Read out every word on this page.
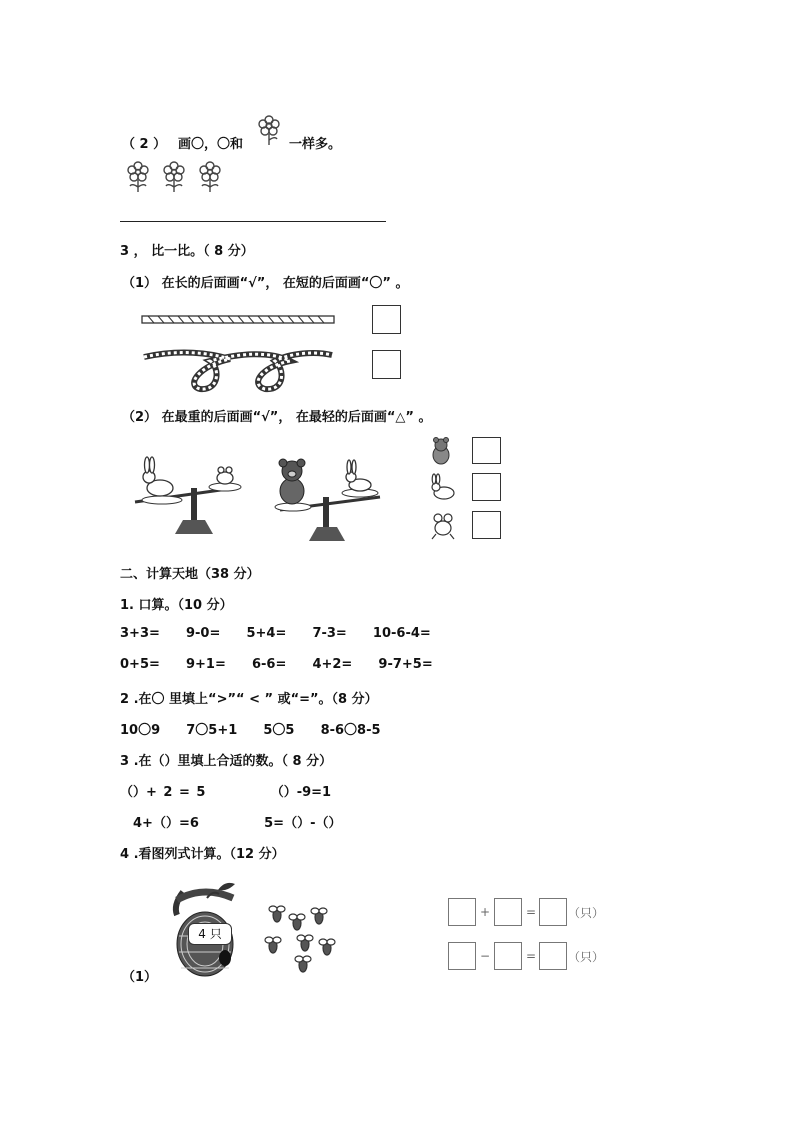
（ 2 ） 画〇，〇和	一样多。
3 ， 比一比。（ 8 分）
（1） 在长的后面画“√”， 在短的后面画“〇” 。
（2） 在最重的后面画“√”， 在最轻的后面画“△” 。
二、计算天地（38 分）
1. 口算。（10 分）
3+3=    9-0=    5+4=    7-3=    10-6-4=
0+5=    9+1=    6-6=    4+2=    9-7+5=
2 .在〇 里填上“>”“ < ” 或“=”。（8 分）
10〇9    7〇5+1    5〇5    8-6〇8-5
3 .在（）里填上合适的数。（ 8 分）
（）+ 2 = 5          （）-9=1
4+（）=6          5=（）-（）
4 .看图列式计算。（12 分）
4 只
（1）
+	=	（只）
−	=	（只）
